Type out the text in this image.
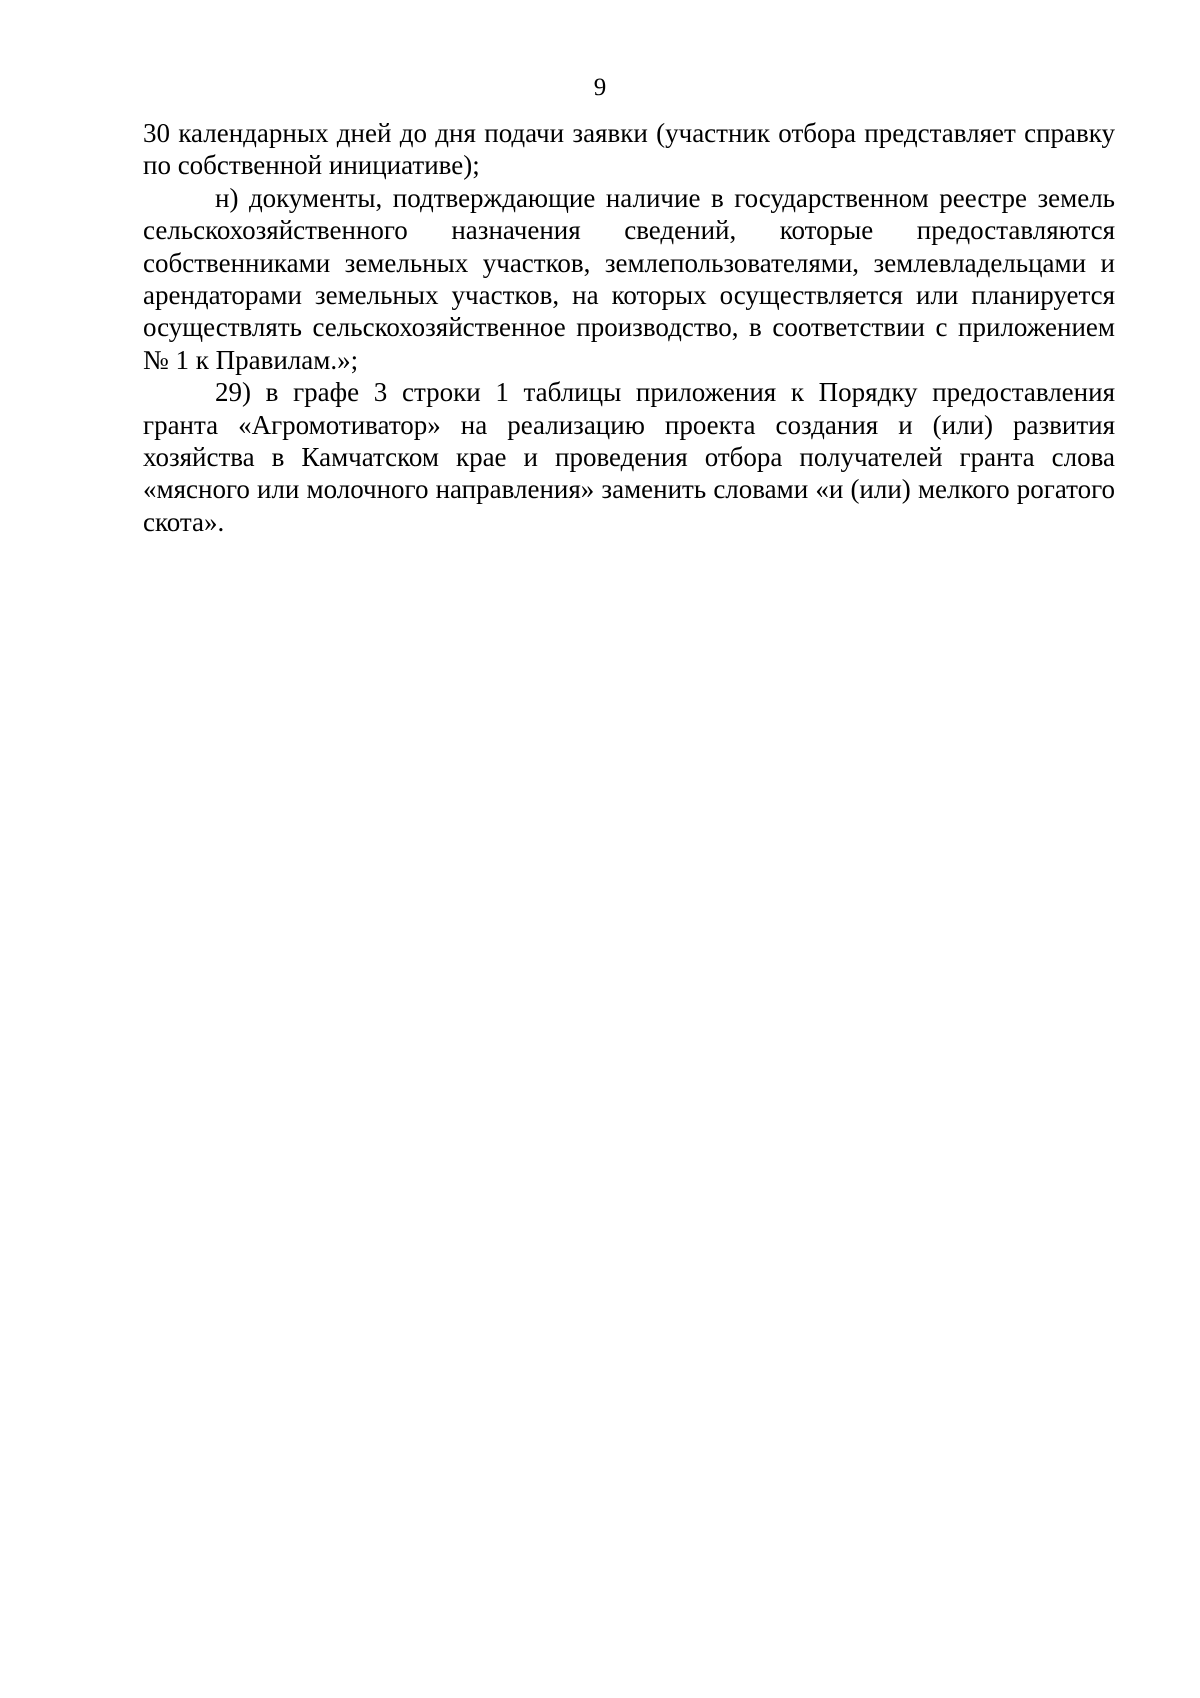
9

30 календарных дней до дня подачи заявки (участник отбора представляет справку по собственной инициативе);

н) документы, подтверждающие наличие в государственном реестре земель сельскохозяйственного назначения сведений, которые предоставляются собственниками земельных участков, землепользователями, землевладельцами и арендаторами земельных участков, на которых осуществляется или планируется осуществлять сельскохозяйственное производство, в соответствии с приложением № 1 к Правилам.»;

29) в графе 3 строки 1 таблицы приложения к Порядку предоставления гранта «Агромотиватор» на реализацию проекта создания и (или) развития хозяйства в Камчатском крае и проведения отбора получателей гранта слова «мясного или молочного направления» заменить словами «и (или) мелкого рогатого скота».
